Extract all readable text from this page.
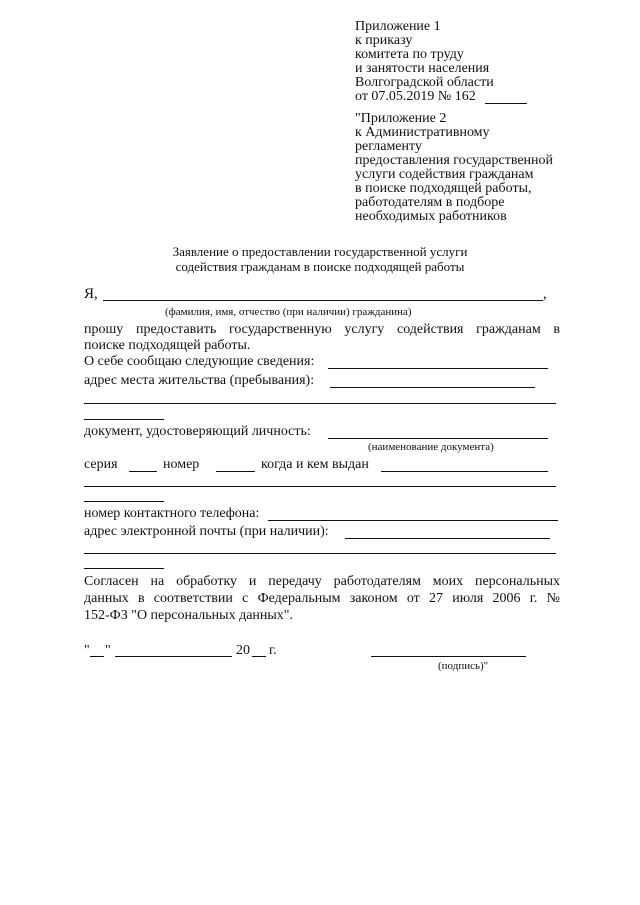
Приложение 1
к приказу
комитета по труду
и занятости населения
Волгоградской области
от 07.05.2019 № 162
"Приложение 2
к Административному
регламенту
предоставления государственной
услуги содействия гражданам
в поиске подходящей работы,
работодателям в подборе
необходимых работников
Заявление о предоставлении государственной услуги
содействия гражданам в поиске подходящей работы
Я,	,
(фамилия, имя, отчество (при наличии) гражданина)
прошу предоставить государственную услугу содействия гражданам в
поиске подходящей работы.
О себе сообщаю следующие сведения:
адрес места жительства (пребывания):
документ, удостоверяющий личность:
(наименование документа)
серия	номер	когда и кем выдан
номер контактного телефона:
адрес электронной почты (при наличии):
Согласен на обработку и передачу работодателям моих персональных
данных в соответствии с Федеральным законом от 27 июля 2006 г. №
152-ФЗ "О персональных данных".
" "	20 г.
(подпись)"
